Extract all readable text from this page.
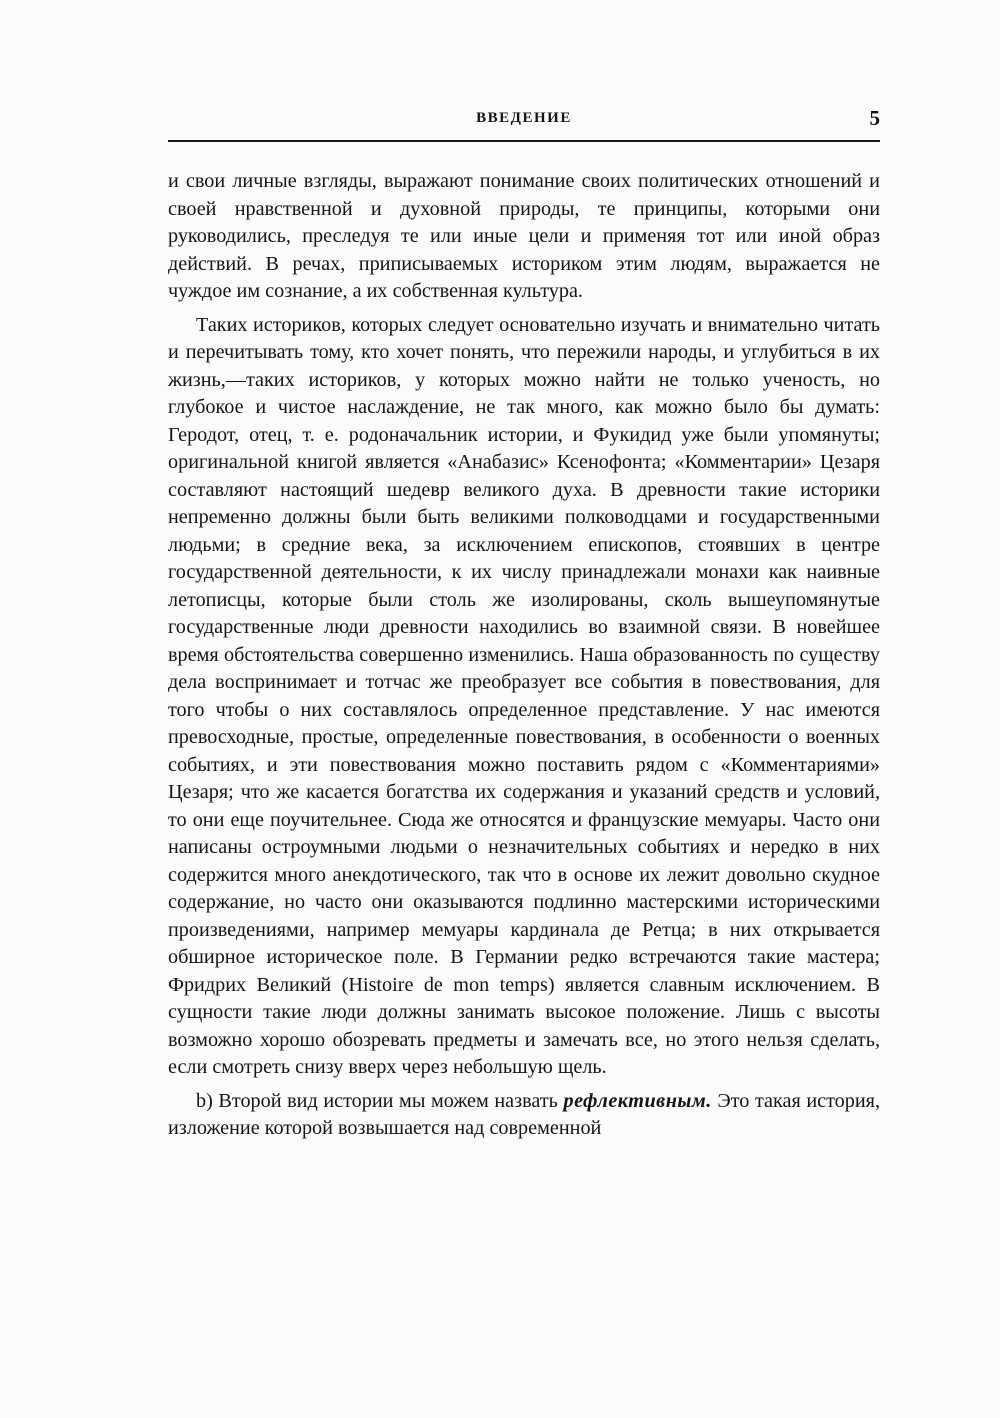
ВВЕДЕНИЕ	5

и свои личные взгляды, выражают понимание своих политических отношений и своей нравственной и духовной природы, те принципы, которыми они руководились, преследуя те или иные цели и применяя тот или иной образ действий. В речах, приписываемых историком этим людям, выражается не чуждое им сознание, а их собственная культура.

Таких историков, которых следует основательно изучать и внимательно читать и перечитывать тому, кто хочет понять, что пережили народы, и углубиться в их жизнь,—таких историков, у которых можно найти не только ученость, но глубокое и чистое наслаждение, не так много, как можно было бы думать: Геродот, отец, т. е. родоначальник истории, и Фукидид уже были упомянуты; оригинальной книгой является «Анабазис» Ксенофонта; «Комментарии» Цезаря составляют настоящий шедевр великого духа. В древности такие историки непременно должны были быть великими полководцами и государственными людьми; в средние века, за исключением епископов, стоявших в центре государственной деятельности, к их числу принадлежали монахи как наивные летописцы, которые были столь же изолированы, сколь вышеупомянутые государственные люди древности находились во взаимной связи. В новейшее время обстоятельства совершенно изменились. Наша образованность по существу дела воспринимает и тотчас же преобразует все события в повествования, для того чтобы о них составлялось определенное представление. У нас имеются превосходные, простые, определенные повествования, в особенности о военных событиях, и эти повествования можно поставить рядом с «Комментариями» Цезаря; что же касается богатства их содержания и указаний средств и условий, то они еще поучительнее. Сюда же относятся и французские мемуары. Часто они написаны остроумными людьми о незначительных событиях и нередко в них содержится много анекдотического, так что в основе их лежит довольно скудное содержание, но часто они оказываются подлинно мастерскими историческими произведениями, например мемуары кардинала де Ретца; в них открывается обширное историческое поле. В Германии редко встречаются такие мастера; Фридрих Великий (Histoire de mon temps) является славным исключением. В сущности такие люди должны занимать высокое положение. Лишь с высоты возможно хорошо обозревать предметы и замечать все, но этого нельзя сделать, если смотреть снизу вверх через небольшую щель.

b) Второй вид истории мы можем назвать рефлективным. Это такая история, изложение которой возвышается над современной
